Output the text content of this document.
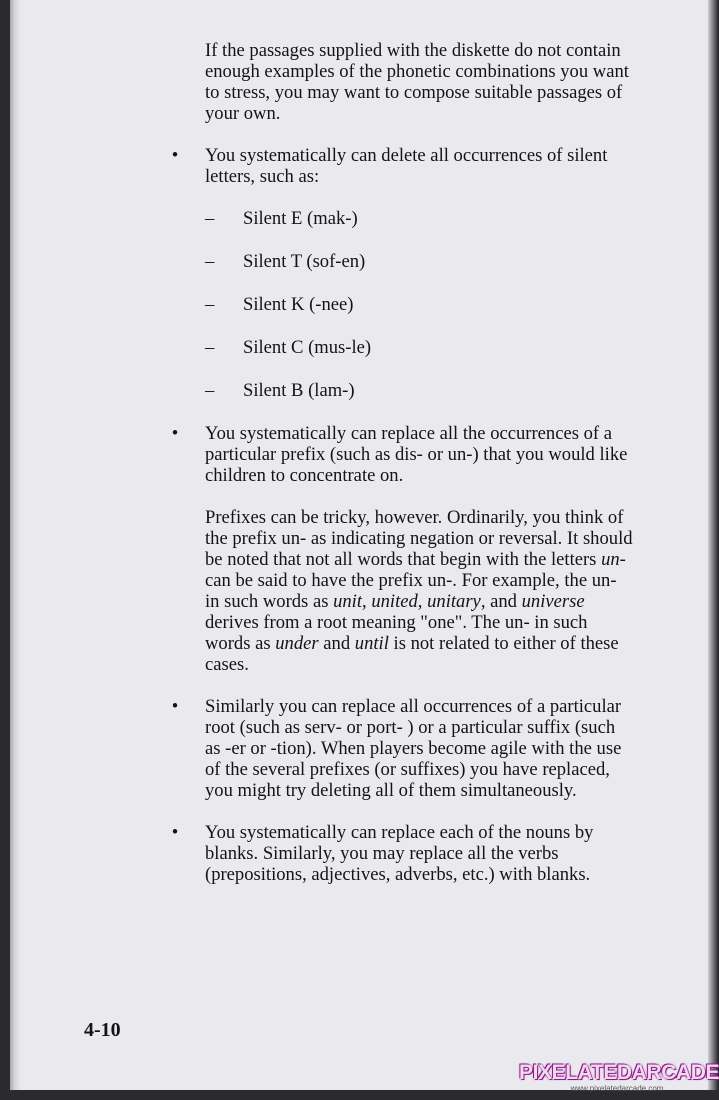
If the passages supplied with the diskette do not contain enough examples of the phonetic combinations you want to stress, you may want to compose suitable passages of your own.

• You systematically can delete all occurrences of silent letters, such as:

– Silent E (mak-)
– Silent T (sof-en)
– Silent K (-nee)
– Silent C (mus-le)
– Silent B (lam-)
• You systematically can replace all the occurrences of a particular prefix (such as dis- or un-) that you would like children to concentrate on.

Prefixes can be tricky, however. Ordinarily, you think of the prefix un- as indicating negation or reversal. It should be noted that not all words that begin with the letters un- can be said to have the prefix un-. For example, the un- in such words as unit, united, unitary, and universe derives from a root meaning "one". The un- in such words as under and until is not related to either of these cases.

• Similarly you can replace all occurrences of a particular root (such as serv- or port- ) or a particular suffix (such as -er or -tion). When players become agile with the use of the several prefixes (or suffixes) you have replaced, you might try deleting all of them simultaneously.

• You systematically can replace each of the nouns by blanks. Similarly, you may replace all the verbs (prepositions, adjectives, adverbs, etc.) with blanks.

4-10
PIXELATEDARCADE
www.pixelatedarcade.com
